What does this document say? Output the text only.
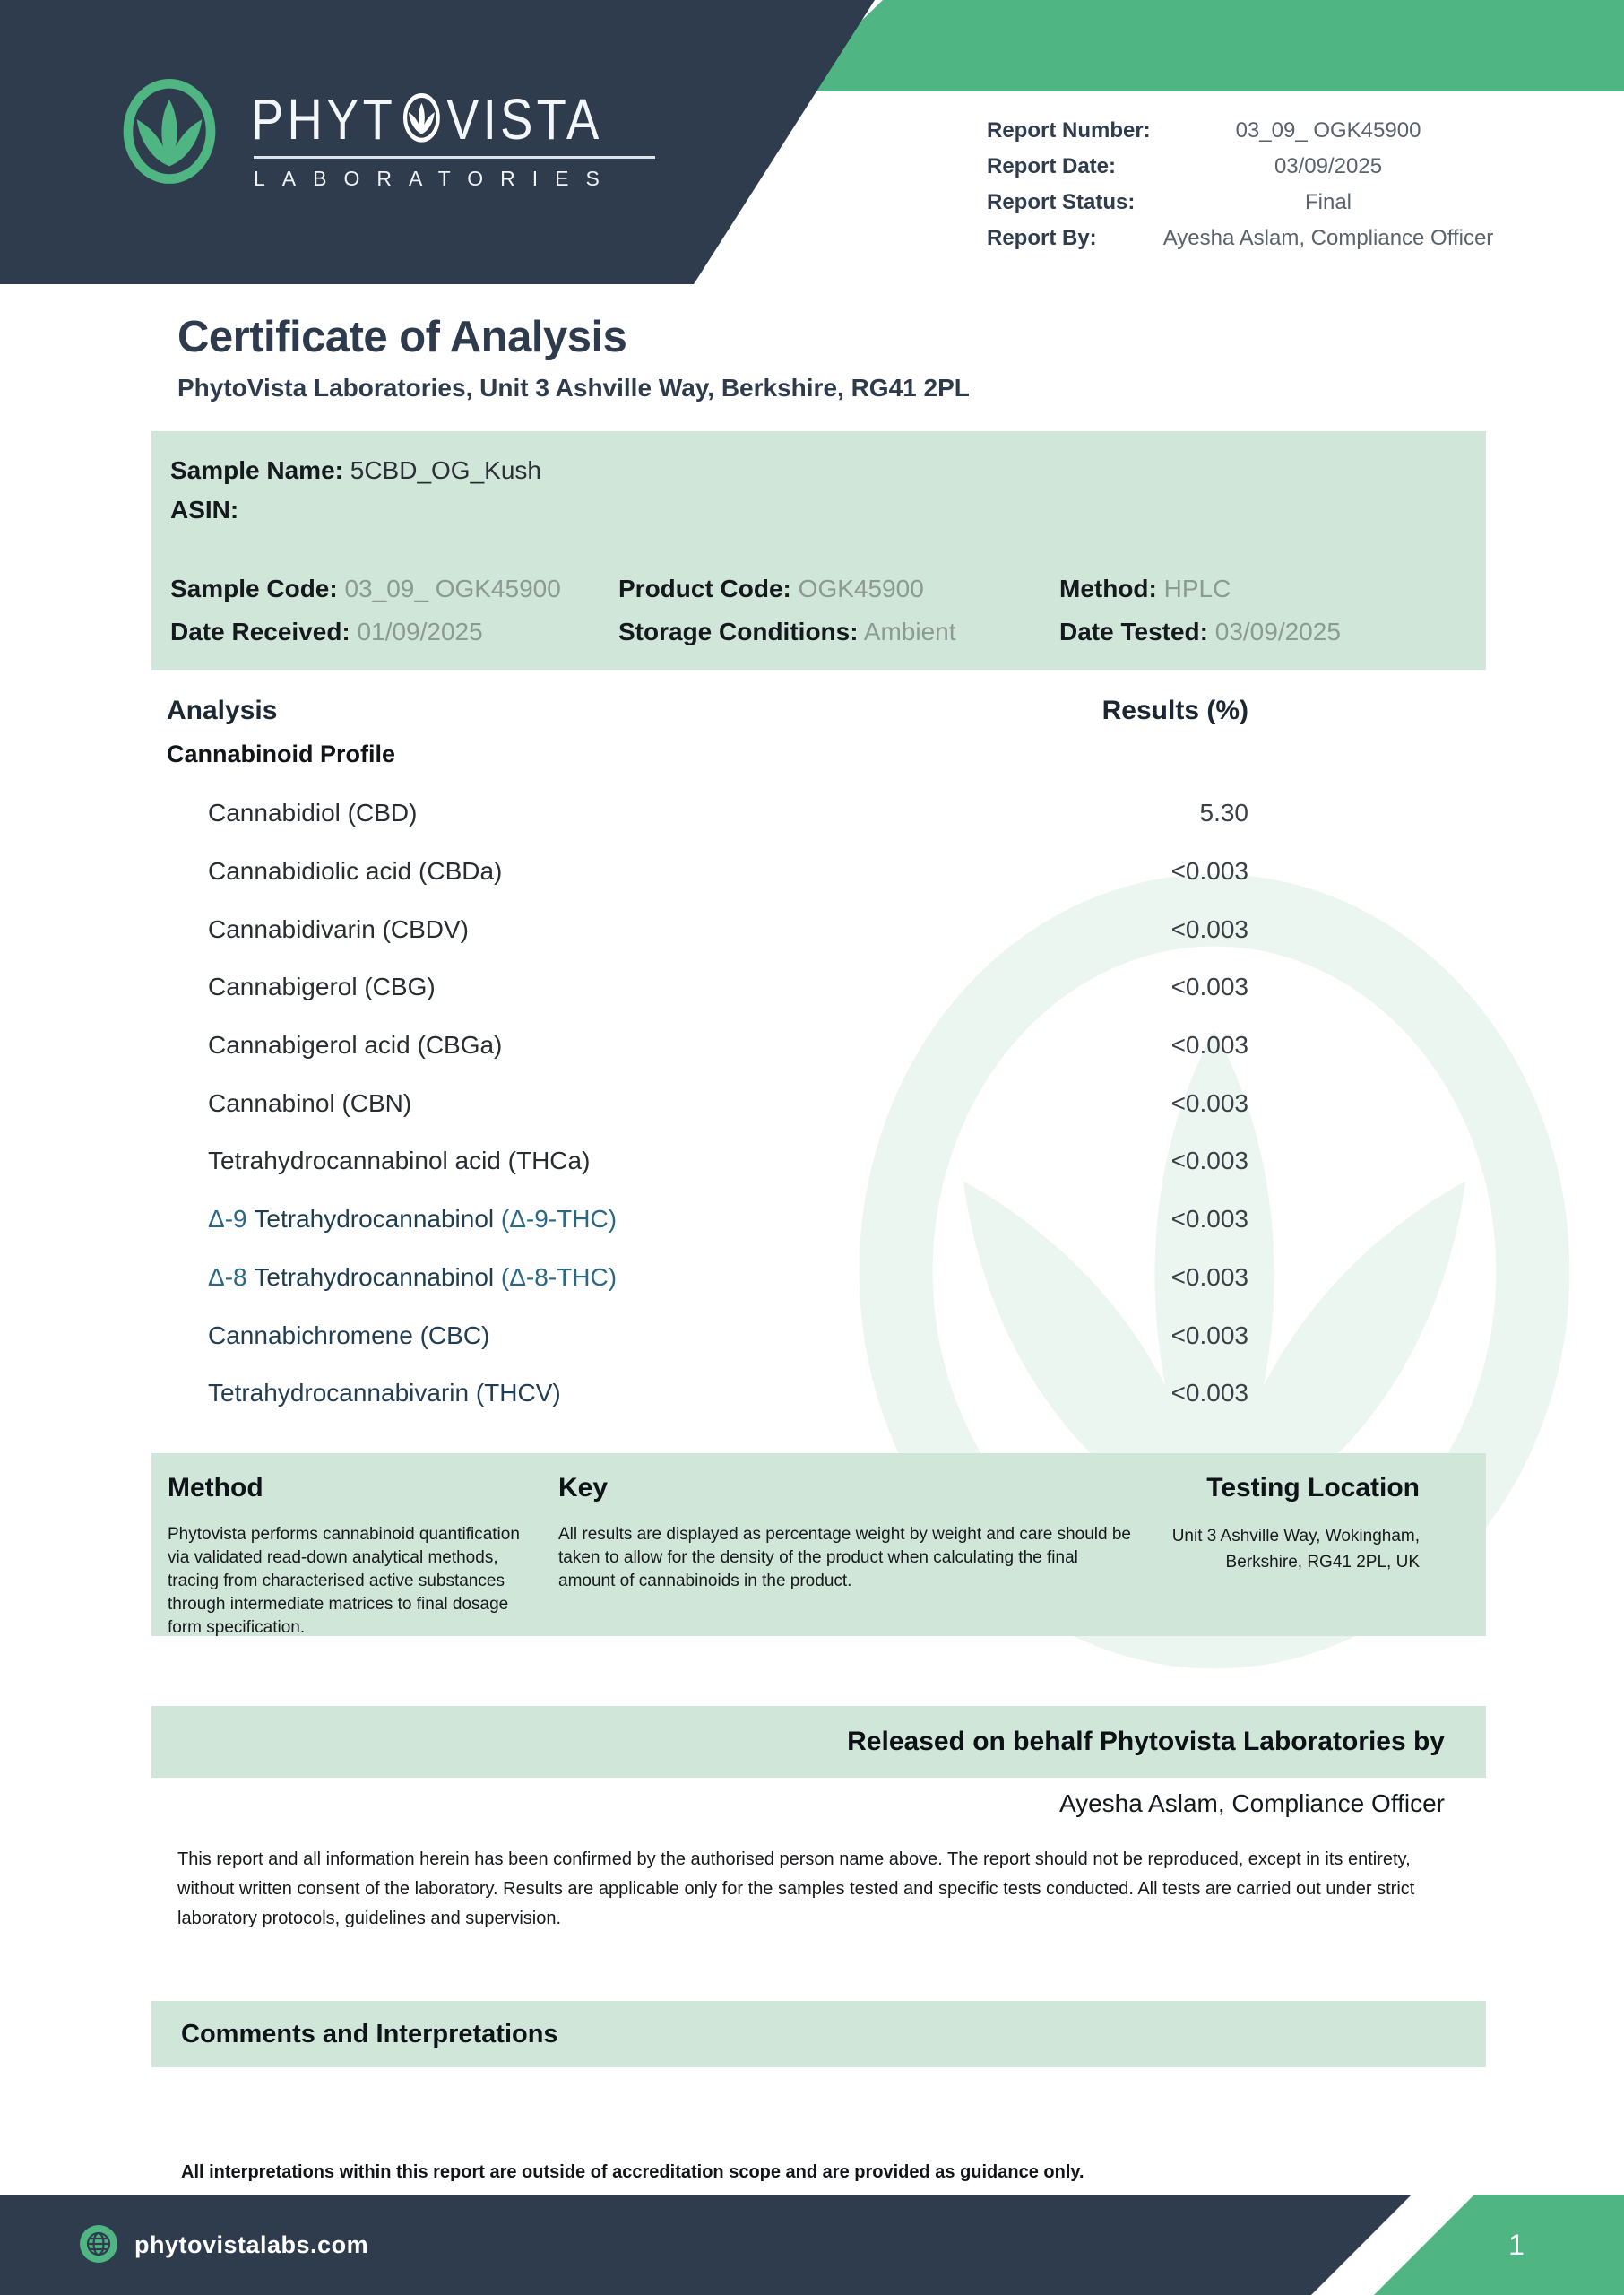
PHYT VISTA
LABORATORIES
Report Number:	03_09_ OGK45900
Report Date:	03/09/2025
Report Status:	Final
Report By:	Ayesha Aslam, Compliance Officer
Certificate of Analysis
PhytoVista Laboratories, Unit 3 Ashville Way, Berkshire, RG41 2PL
Sample Name: 5CBD_OG_Kush
ASIN:
Sample Code: 03_09_ OGK45900 Product Code: OGK45900	Method: HPLC
Date Received: 01/09/2025	Storage Conditions: Ambient	Date Tested: 03/09/2025
Analysis	Results (%)
Cannabinoid Profile
Cannabidiol (CBD)	5.30
Cannabidiolic acid (CBDa)	<0.003
Cannabidivarin (CBDV)	<0.003
Cannabigerol (CBG)	<0.003
Cannabigerol acid (CBGa)	<0.003
Cannabinol (CBN)	<0.003
Tetrahydrocannabinol acid (THCa)	<0.003
Δ-9 Tetrahydrocannabinol (Δ-9-THC)	<0.003
Δ-8 Tetrahydrocannabinol (Δ-8-THC)	<0.003
Cannabichromene (CBC)	<0.003
Tetrahydrocannabivarin (THCV)	<0.003
Method
Phytovista performs cannabinoid quantification via validated read-down analytical methods, tracing from characterised active substances through intermediate matrices to final dosage form specification.
Key
All results are displayed as percentage weight by weight and care should be taken to allow for the density of the product when calculating the final amount of cannabinoids in the product.
Testing Location
Unit 3 Ashville Way, Wokingham,
Berkshire, RG41 2PL, UK
Released on behalf Phytovista Laboratories by
Ayesha Aslam, Compliance Officer
This report and all information herein has been confirmed by the authorised person name above. The report should not be reproduced, except in its entirety, without written consent of the laboratory. Results are applicable only for the samples tested and specific tests conducted. All tests are carried out under strict laboratory protocols, guidelines and supervision.
Comments and Interpretations
All interpretations within this report are outside of accreditation scope and are provided as guidance only.
phytovistalabs.com	1
